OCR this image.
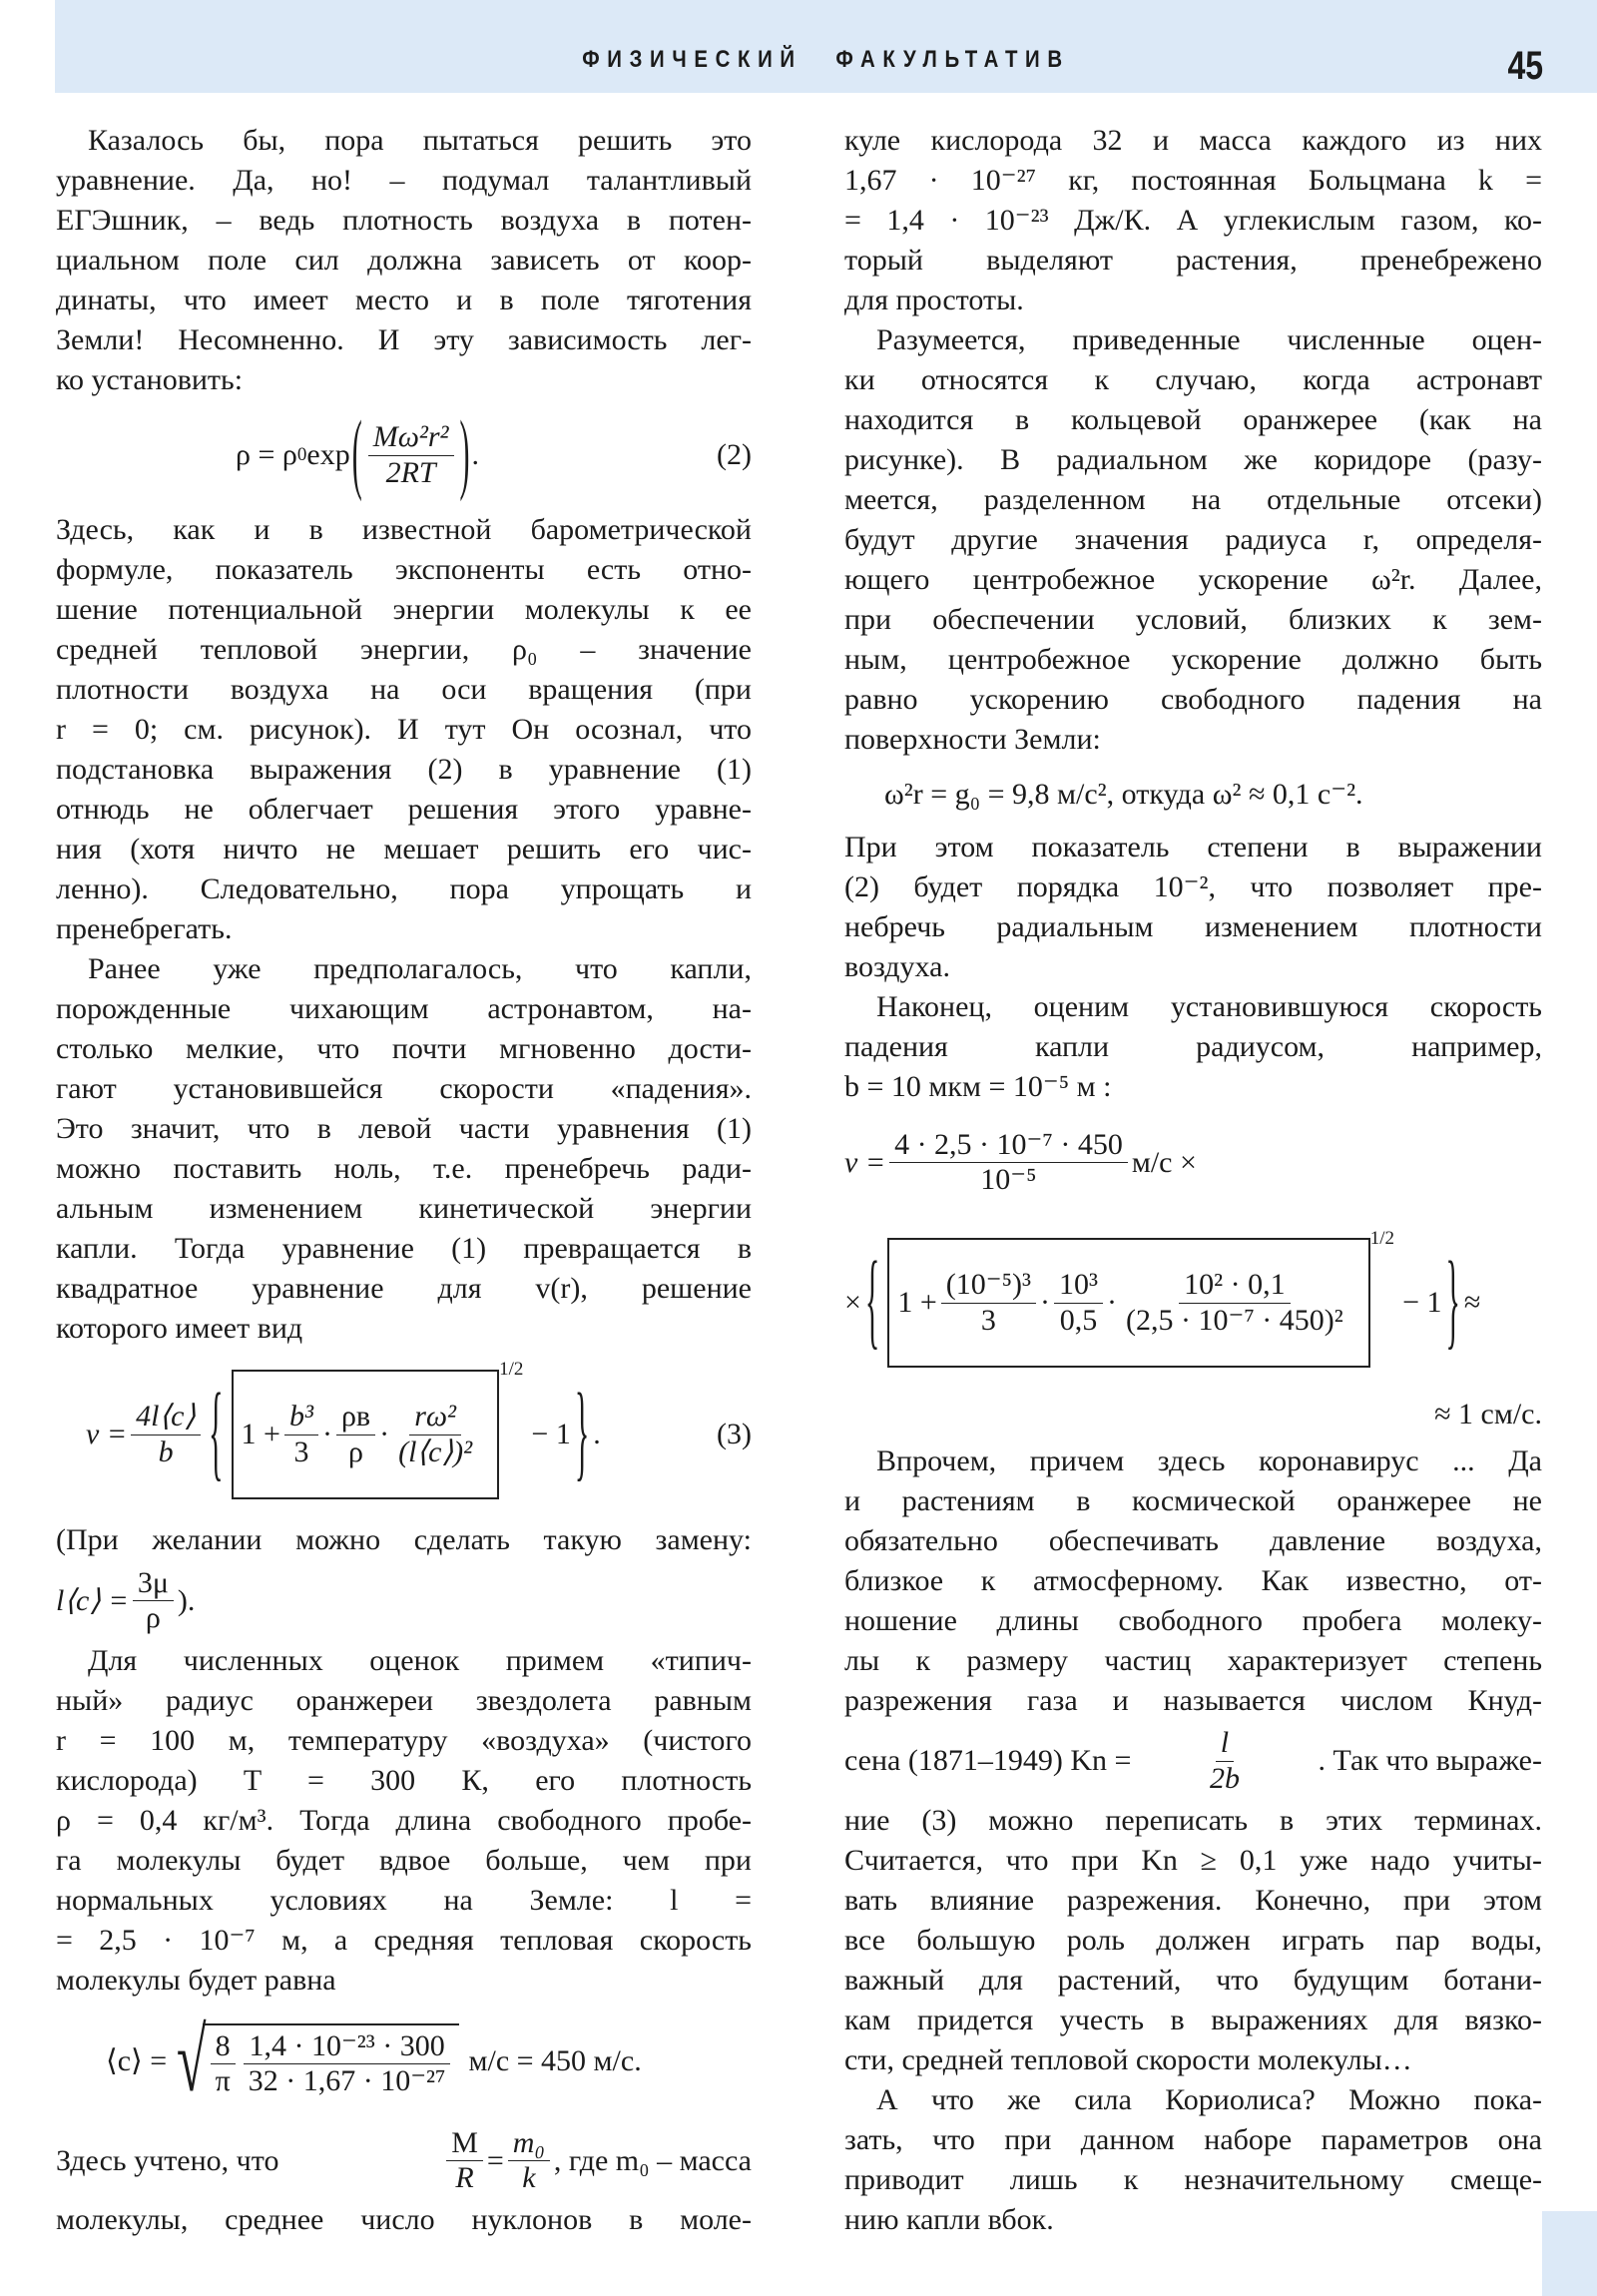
ФИЗИЧЕСКИЙ ФАКУЛЬТАТИВ	45
Казалось бы, пора пытаться решить это
уравнение. Да, но! – подумал талантливый
ЕГЭшник, – ведь плотность воздуха в потен-
циальном поле сил должна зависеть от коор-
динаты, что имеет место и в поле тяготения
Земли! Несомненно. И эту зависимость лег-
ко установить:
ρ = ρ 0 exp ( $\frac{\text{Mω²r²}}{2RT}$ ) .	(2)
Здесь, как и в известной барометрической
формуле, показатель экспоненты есть отно-
шение потенциальной энергии молекулы к ее
средней тепловой энергии, ρ₀ – значение
плотности воздуха на оси вращения (при
r = 0; см. рисунок). И тут Он осознал, что
подстановка выражения (2) в уравнение (1)
отнюдь не облегчает решения этого уравне-
ния (хотя ничто не мешает решить его чис-
ленно). Следовательно, пора упрощать и
пренебрегать.
Ранее уже предполагалось, что капли,
порожденные чихающим астронавтом, на-
столько мелкие, что почти мгновенно дости-
гают установившейся скорости «падения».
Это значит, что в левой части уравнения (1)
можно поставить ноль, т.е. пренебречь ради-
альным изменением кинетической энергии
капли. Тогда уравнение (1) превращается в
квадратное уравнение для v(r), решение
которого имеет вид
$v = \frac{4l⟨c⟩}{b}$ { $1 + \frac{\text{b³}}{3} \cdot \frac{\rho в}{\rho} \cdot \frac{\text{rω²}}{\text{(l⟨c⟩)²}}$
1/2
− 1 } .	(3)
(При желании можно сделать такую замену:
l⟨c⟩ = $\frac{3\mu}{\rho}$ ).
Для численных оценок примем «типич-
ный» радиус оранжереи звездолета равным
r = 100 м, температуру «воздуха» (чистого
кислорода) T = 300 К, его плотность
ρ = 0,4 кг/м³. Тогда длина свободного пробе-
га молекулы будет вдвое больше, чем при
нормальных условиях на Земле: l =
= 2,5 · 10⁻⁷ м, а средняя тепловая скорость
молекулы будет равна
⟨c⟩ = √ $\frac{8}{\pi} \frac{\text{1,4 · 10⁻²³ · 300}}{\text{32 · 1,67 · 10⁻²⁷}} м/с = 450$ м/с.
Здесь учтено, что	$\frac{M}{R} = \frac{\text{m₀}}{k}$ , где m₀ – масса
молекулы, среднее число нуклонов в моле-
куле кислорода 32 и масса каждого из них
1,67 · 10⁻²⁷ кг, постоянная Больцмана k =
= 1,4 · 10⁻²³ Дж/К. А углекислым газом, ко-
торый выделяют растения, пренебрежено
для простоты.
Разумеется, приведенные численные оцен-
ки относятся к случаю, когда астронавт
находится в кольцевой оранжерее (как на
рисунке). В радиальном же коридоре (разу-
меется, разделенном на отдельные отсеки)
будут другие значения радиуса r, определя-
ющего центробежное ускорение ω²r. Далее,
при обеспечении условий, близких к зем-
ным, центробежное ускорение должно быть
равно ускорению свободного падения на
поверхности Земли:
ω²r = g₀ = 9,8 м/с², откуда ω² ≈ 0,1 с⁻².
При этом показатель степени в выражении
(2) будет порядка 10⁻², что позволяет пре-
небречь радиальным изменением плотности
воздуха.
Наконец, оценим установившуюся скорость
падения капли радиусом, например,
b = 10 мкм = 10⁻⁵ м :
$v = \frac{\text{4 · 2,5 · 10⁻⁷ · 450}}{\text{10⁻⁵}} м/с$ ×
× { $1 + \frac{\text{(10⁻⁵)³}}{3} \cdot \frac{\text{10³}}{0,5} \cdot \frac{\text{10² · 0,1}}{\text{(2,5 · 10⁻⁷ · 450)²}}$
1/2
− 1 } ≈
≈ 1 см/с.
Впрочем, причем здесь коронавирус ... Да
и растениям в космической оранжерее не
обязательно обеспечивать давление воздуха,
близкое к атмосферному. Как известно, от-
ношение длины свободного пробега молеку-
лы к размеру частиц характеризует степень
разрежения газа и называется числом Кнуд-
сена (1871–1949) $Kn = \frac{l}{2b}$ . Так что выраже-
ние (3) можно переписать в этих терминах.
Считается, что при Kn ≥ 0,1 уже надо учиты-
вать влияние разрежения. Конечно, при этом
все большую роль должен играть пар воды,
важный для растений, что будущим ботани-
кам придется учесть в выражениях для вязко-
сти, средней тепловой скорости молекулы…
А что же сила Кориолиса? Можно пока-
зать, что при данном наборе параметров она
приводит лишь к незначительному смеще-
нию капли вбок.
